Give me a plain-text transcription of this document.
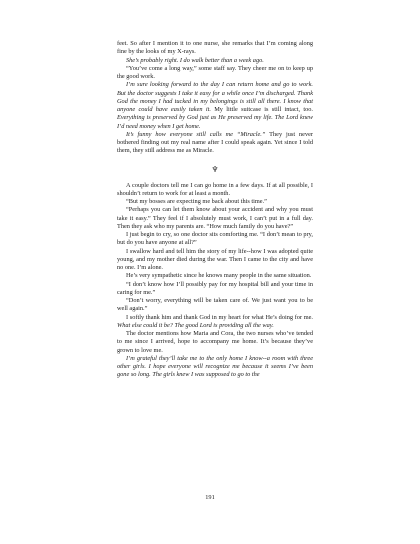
feet. So after I mention it to one nurse, she remarks that I’m coming along fine by the looks of my X-rays.

She’s probably right. I do walk better than a week ago.

“You’ve come a long way,” some staff say. They cheer me on to keep up the good work.

I’m sure looking forward to the day I can return home and go to work. But the doctor suggests I take it easy for a while once I’m discharged. Thank God the money I had tucked in my belongings is still all there. I know that anyone could have easily taken it. My little suitcase is still intact, too. Everything is preserved by God just as He preserved my life. The Lord knew I’d need money when I get home.

It’s funny how everyone still calls me “Miracle.” They just never bothered finding out my real name after I could speak again. Yet since I told them, they still address me as Miracle.

♆

A couple doctors tell me I can go home in a few days. If at all possible, I shouldn’t return to work for at least a month.

“But my bosses are expecting me back about this time.”

“Perhaps you can let them know about your accident and why you must take it easy.” They feel if I absolutely must work, I can’t put in a full day. Then they ask who my parents are. “How much family do you have?”

I just begin to cry, so one doctor sits comforting me. “I don’t mean to pry, but do you have anyone at all?”

I swallow hard and tell him the story of my life--how I was adopted quite young, and my mother died during the war. Then I came to the city and have no one. I’m alone.

He’s very sympathetic since he knows many people in the same situation.

“I don’t know how I’ll possibly pay for my hospital bill and your time in caring for me.”

“Don’t worry, everything will be taken care of. We just want you to be well again.”

I softly thank him and thank God in my heart for what He’s doing for me. What else could it be? The good Lord is providing all the way.

The doctor mentions how Maria and Cora, the two nurses who’ve tended to me since I arrived, hope to accompany me home. It’s because they’ve grown to love me.

I’m grateful they’ll take me to the only home I know--a room with three other girls. I hope everyone will recognize me because it seems I’ve been gone so long. The girls knew I was supposed to go to the

191
